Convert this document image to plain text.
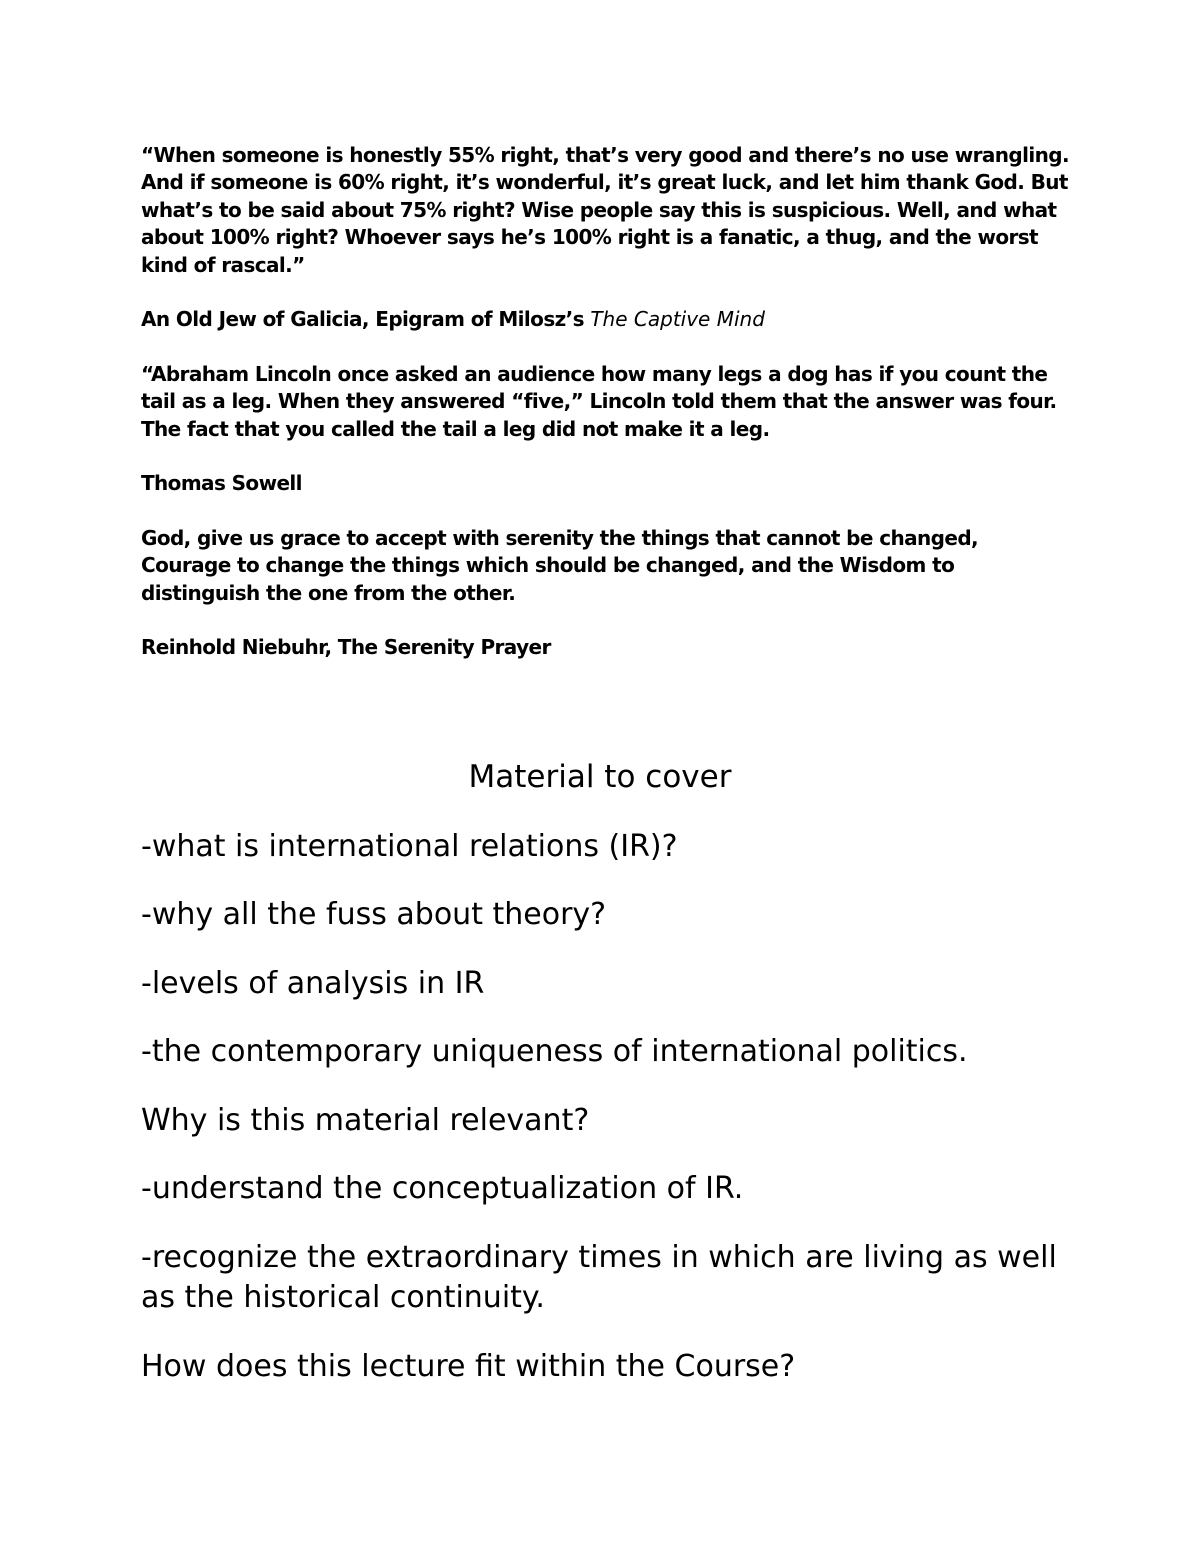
“When someone is honestly 55% right, that’s very good and there’s no use wrangling. And if someone is 60% right, it’s wonderful, it’s great luck, and let him thank God. But what’s to be said about 75% right? Wise people say this is suspicious. Well, and what about 100% right? Whoever says he’s 100% right is a fanatic, a thug, and the worst kind of rascal.”

An Old Jew of Galicia, Epigram of Milosz’s The Captive Mind

“Abraham Lincoln once asked an audience how many legs a dog has if you count the tail as a leg. When they answered “five,” Lincoln told them that the answer was four. The fact that you called the tail a leg did not make it a leg.

Thomas Sowell

God, give us grace to accept with serenity the things that cannot be changed, Courage to change the things which should be changed, and the Wisdom to distinguish the one from the other.

Reinhold Niebuhr, The Serenity Prayer

Material to cover

-what is international relations (IR)?

-why all the fuss about theory?

-levels of analysis in IR

-the contemporary uniqueness of international politics.

Why is this material relevant?

-understand the conceptualization of IR.

-recognize the extraordinary times in which are living as well as the historical continuity.

How does this lecture fit within the Course?
